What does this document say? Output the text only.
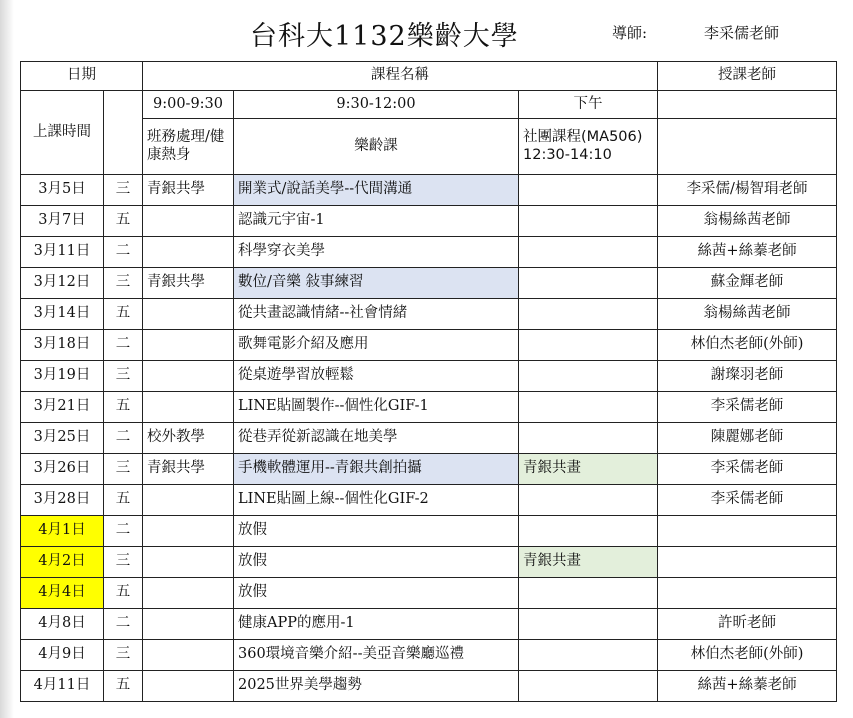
台科大1132樂齡大學	導師:	李采儒老師
日期		課程名稱			授課老師
上課時間		9:00-9:30	9:30-12:00	下午	
		班務處理/健康熱身	樂齡課	社團課程(MA506)
12:30-14:10	

3月5日	三	青銀共學	開業式/說話美學--代間溝通		李采儒/楊智琄老師
3月7日	五		認識元宇宙-1		翁楊絲茜老師
3月11日	二		科學穿衣美學		絲茜+絲蓁老師
3月12日	三	青銀共學	數位/音樂 敍事練習		蘇金輝老師
3月14日	五		從共畫認識情緒--社會情緒		翁楊絲茜老師
3月18日	二		歌舞電影介紹及應用		林伯杰老師(外師)
3月19日	三		從桌遊學習放輕鬆		謝璨羽老師
3月21日	五		LINE貼圖製作--個性化GIF-1		李采儒老師
3月25日	二	校外教學	從巷弄從新認識在地美學		陳麗娜老師
3月26日	三	青銀共學	手機軟體運用--青銀共創拍攝	青銀共畫	李采儒老師
3月28日	五		LINE貼圖上線--個性化GIF-2		李采儒老師
4月1日	二		放假		
4月2日	三		放假	青銀共畫	
4月4日	五		放假		
4月8日	二		健康APP的應用-1		許昕老師
4月9日	三		360環境音樂介紹--美亞音樂廳巡禮		林伯杰老師(外師)
4月11日	五		2025世界美學趨勢		絲茜+絲蓁老師
